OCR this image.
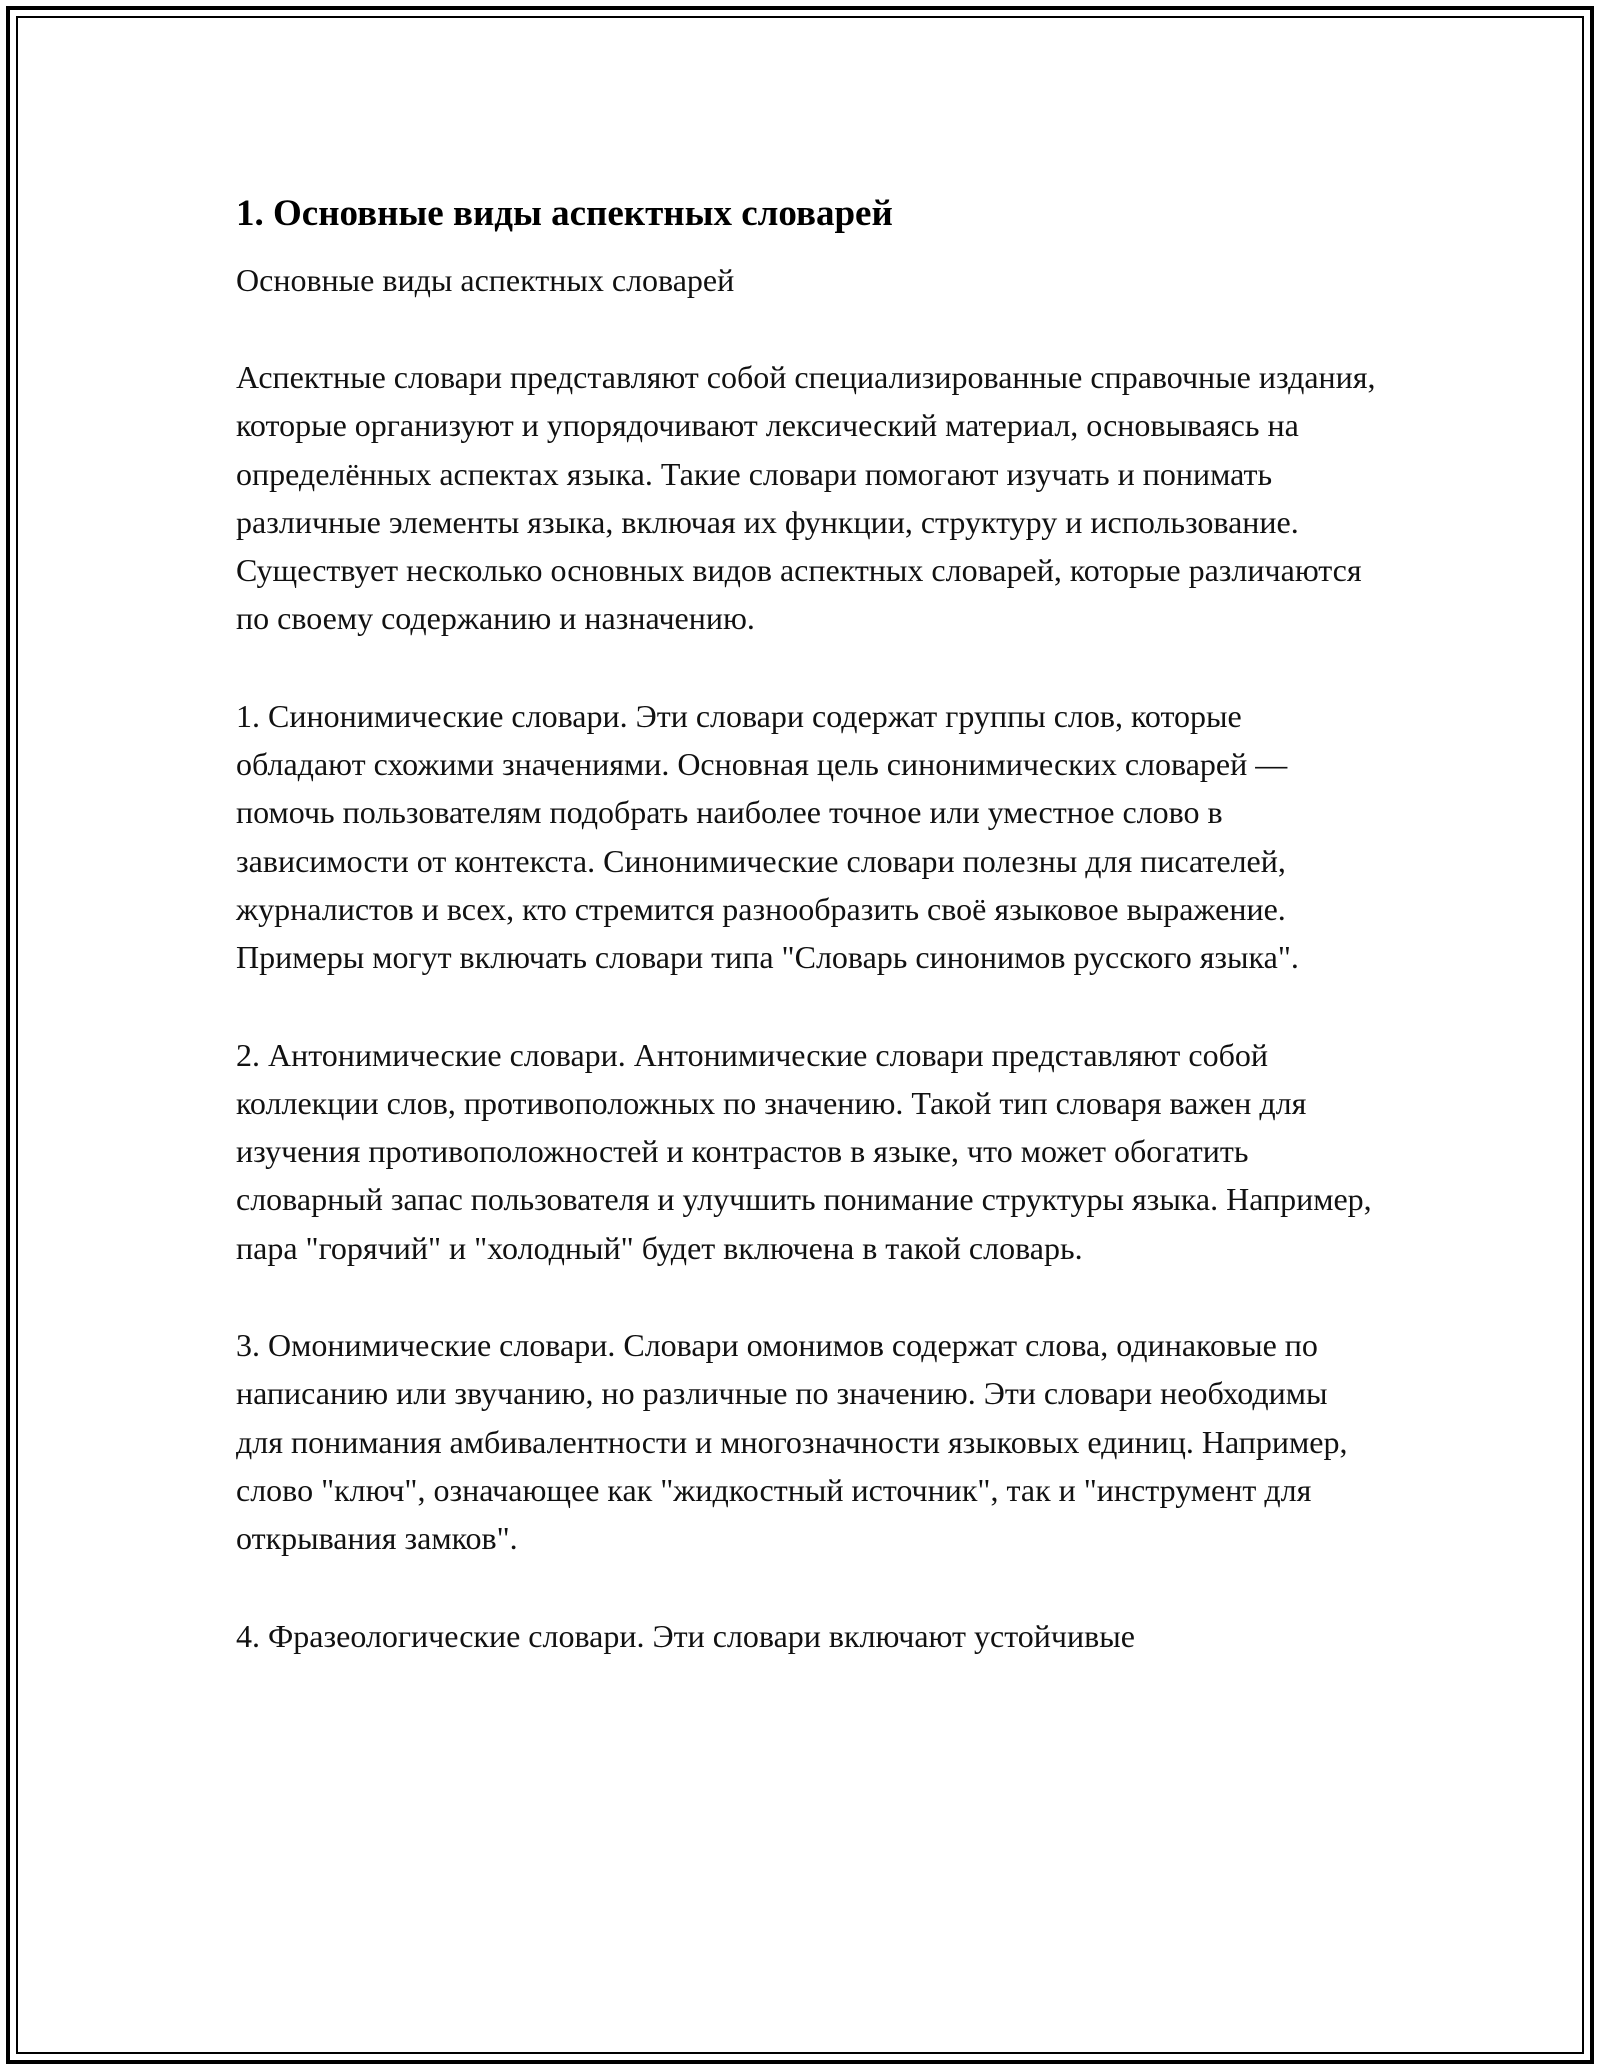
1. Основные виды аспектных словарей

Основные виды аспектных словарей

Аспектные словари представляют собой специализированные справочные издания, которые организуют и упорядочивают лексический материал, основываясь на определённых аспектах языка. Такие словари помогают изучать и понимать различные элементы языка, включая их функции, структуру и использование. Существует несколько основных видов аспектных словарей, которые различаются по своему содержанию и назначению.

1. Синонимические словари. Эти словари содержат группы слов, которые обладают схожими значениями. Основная цель синонимических словарей — помочь пользователям подобрать наиболее точное или уместное слово в зависимости от контекста. Синонимические словари полезны для писателей, журналистов и всех, кто стремится разнообразить своё языковое выражение. Примеры могут включать словари типа "Словарь синонимов русского языка".

2. Антонимические словари. Антонимические словари представляют собой коллекции слов, противоположных по значению. Такой тип словаря важен для изучения противоположностей и контрастов в языке, что может обогатить словарный запас пользователя и улучшить понимание структуры языка. Например, пара "горячий" и "холодный" будет включена в такой словарь.

3. Омонимические словари. Словари омонимов содержат слова, одинаковые по написанию или звучанию, но различные по значению. Эти словари необходимы для понимания амбивалентности и многозначности языковых единиц. Например, слово "ключ", означающее как "жидкостный источник", так и "инструмент для открывания замков".

4. Фразеологические словари. Эти словари включают устойчивые
